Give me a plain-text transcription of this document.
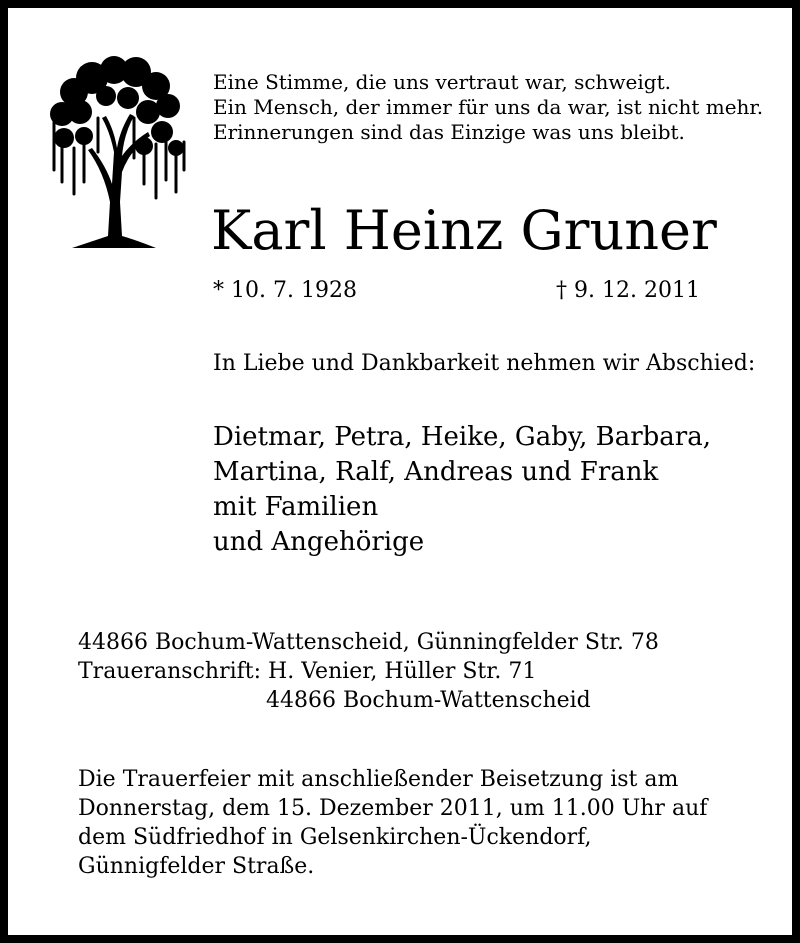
Eine Stimme, die uns vertraut war, schweigt.
Ein Mensch, der immer für uns da war, ist nicht mehr.
Erinnerungen sind das Einzige was uns bleibt.
Karl Heinz Gruner
* 10. 7. 1928	† 9. 12. 2011
In Liebe und Dankbarkeit nehmen wir Abschied:
Dietmar, Petra, Heike, Gaby, Barbara,
Martina, Ralf, Andreas und Frank
mit Familien
und Angehörige
44866 Bochum-Wattenscheid, Günningfelder Str. 78
Traueranschrift: H. Venier, Hüller Str. 71
44866 Bochum-Wattenscheid
Die Trauerfeier mit anschließender Beisetzung ist am
Donnerstag, dem 15. Dezember 2011, um 11.00 Uhr auf
dem Südfriedhof in Gelsenkirchen-Ückendorf,
Günnigfelder Straße.
